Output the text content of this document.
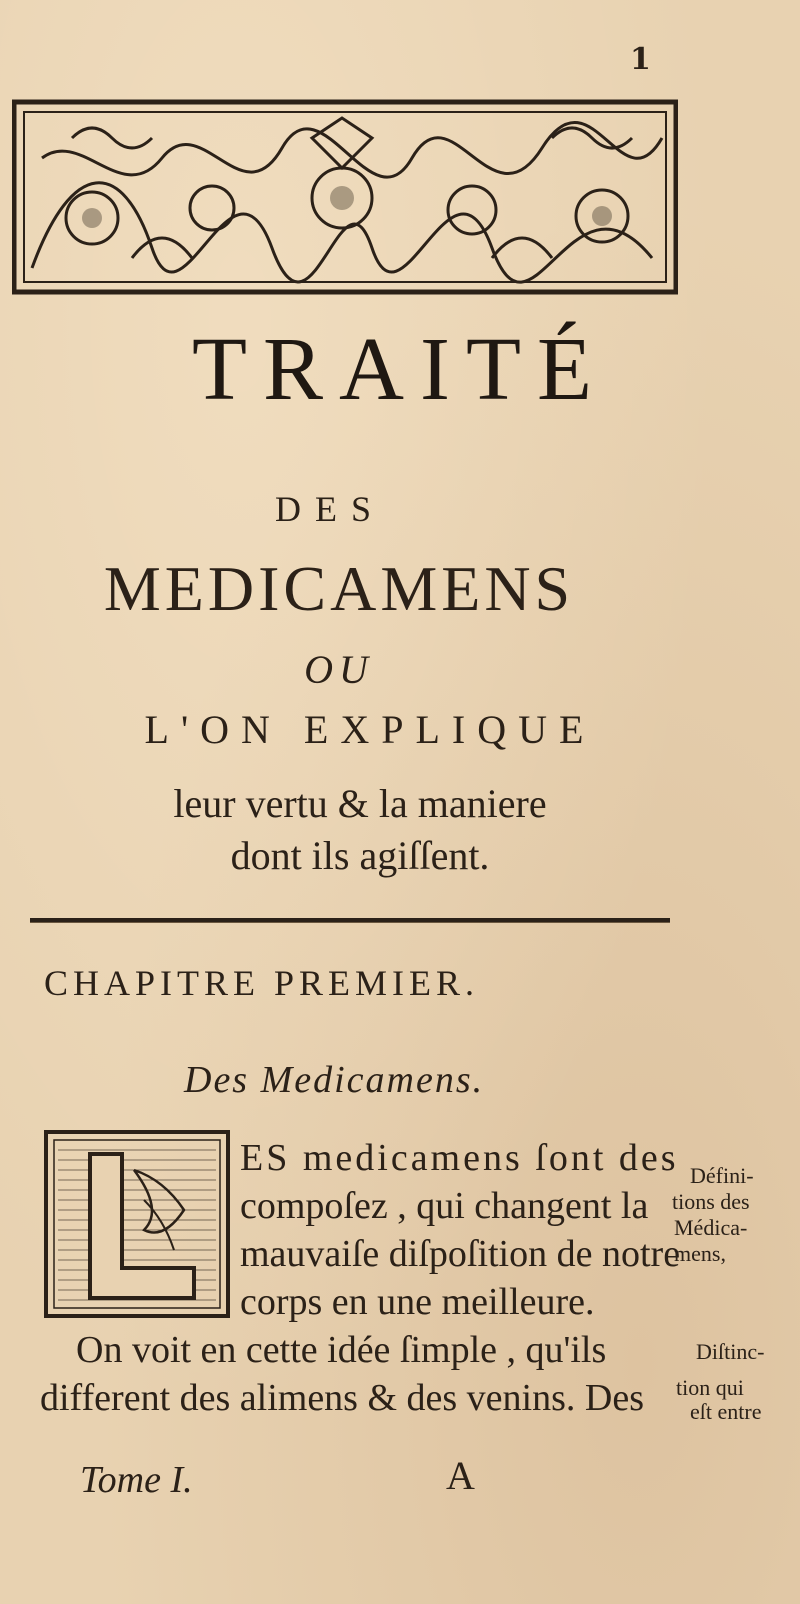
1
TRAITÉ
DES
MEDICAMENS
OU
L'ON EXPLIQUE
leur vertu & la maniere
dont ils agiſſent.
CHAPITRE PREMIER.
Des Medicamens.
ES medicamens ſont des
compoſez , qui changent la
mauvaiſe diſpoſition de notre
corps en une meilleure.
On voit en cette idée ſimple , qu'ils
different des alimens & des venins. Des
Défini-
tions des
Médica-
mens,
Diſtinc-
tion qui
eſt entre
Tome I.	A
